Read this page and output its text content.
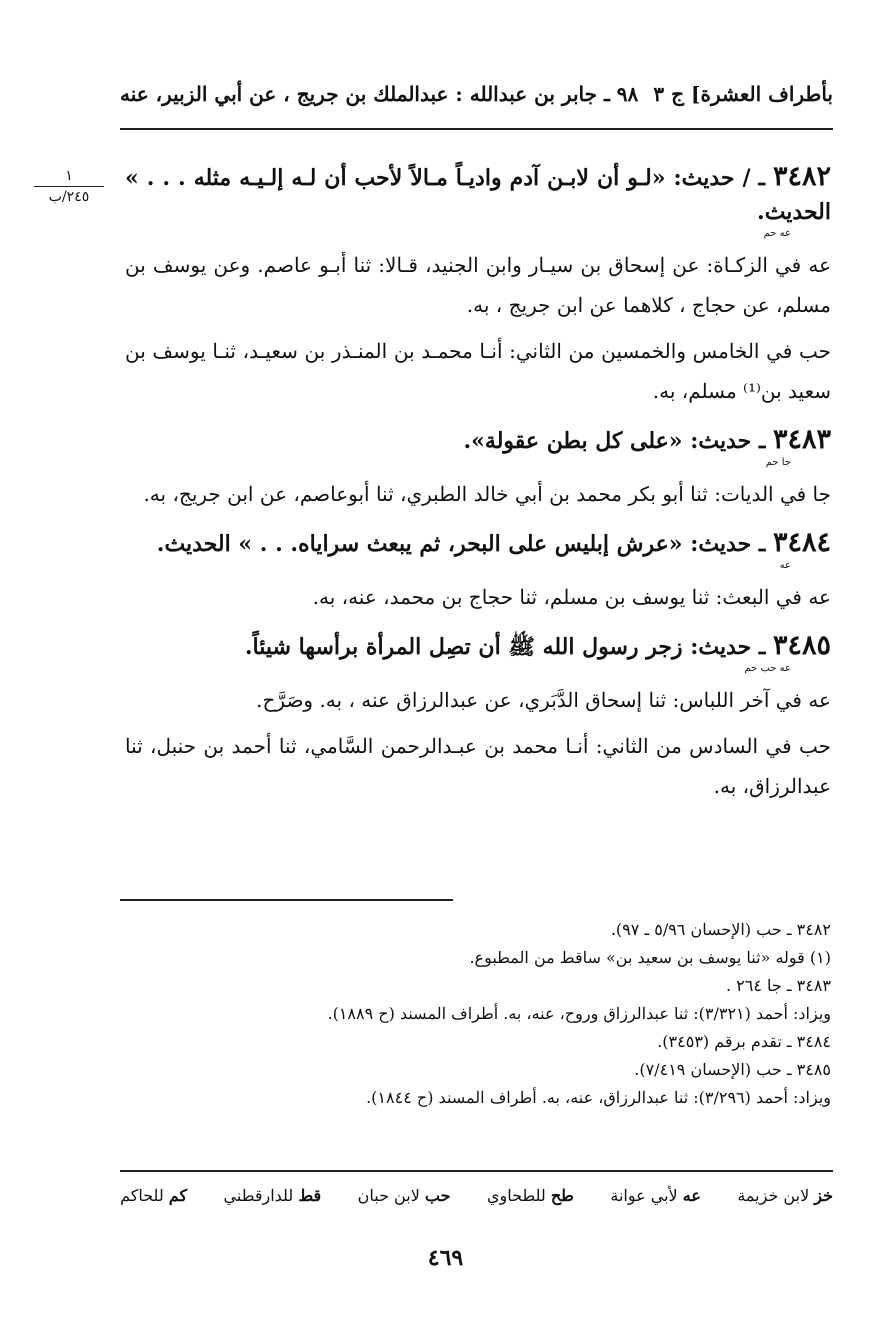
بأطراف العشرة] ج ٣
٩٨ ـ جابر بن عبدالله : عبدالملك بن جريج ، عن أبي الزبير، عنه
١
٢٤٥/ب
٣٤٨٢ ـ / حديث: «لـو أن لابـن آدم واديـاً مـالاً لأحب أن لـه إلـيـه مثله . . . » الحديث.
عه حم
عه في الزكـاة: عن إسحاق بن سيـار وابن الجنيد، قـالا: ثنا أبـو عاصم. وعن يوسف بن مسلم، عن حجاج ، كلاهما عن ابن جريج ، به.
حب في الخامس والخمسين من الثاني: أنـا محمـد بن المنـذر بن سعيـد، ثنـا يوسف بن سعيد بن⁽¹⁾ مسلم، به.
٣٤٨٣ ـ حديث: «على كل بطن عقولة».
جا حم
جا في الديات: ثنا أبو بكر محمد بن أبي خالد الطبري، ثنا أبوعاصم، عن ابن جريج، به.
٣٤٨٤ ـ حديث: «عرش إبليس على البحر، ثم يبعث سراياه. . . » الحديث.
عه
عه في البعث: ثنا يوسف بن مسلم، ثنا حجاج بن محمد، عنه، به.
٣٤٨٥ ـ حديث: زجر رسول الله ﷺ أن تصِل المرأة برأسها شيئاً.
عه حب حم
عه في آخر اللباس: ثنا إسحاق الدَّبَري، عن عبدالرزاق عنه ، به. وصَرَّح.
حب في السادس من الثاني: أنـا محمد بن عبـدالرحمن السَّامي، ثنا أحمد بن حنبل، ثنا عبدالرزاق، به.
٣٤٨٢ ـ حب (الإحسان ٥/٩٦ ـ ٩٧).
(١) قوله «ثنا يوسف بن سعيد بن» ساقط من المطبوع.
٣٤٨٣ ـ جا ٢٦٤ .
ويزاد: أحمد (٣/٣٢١): ثنا عبدالرزاق وروح، عنه، به. أطراف المسند (ح ١٨٨٩).
٣٤٨٤ ـ تقدم برقم (٣٤٥٣).
٣٤٨٥ ـ حب (الإحسان ٧/٤١٩).
ويزاد: أحمد (٣/٢٩٦): ثنا عبدالرزاق، عنه، به. أطراف المسند (ح ١٨٤٤).
خز لابن خزيمة
عه لأبي عوانة
طح للطحاوي
حب لابن حبان
قط للدارقطني
كم للحاكم
٤٦٩
